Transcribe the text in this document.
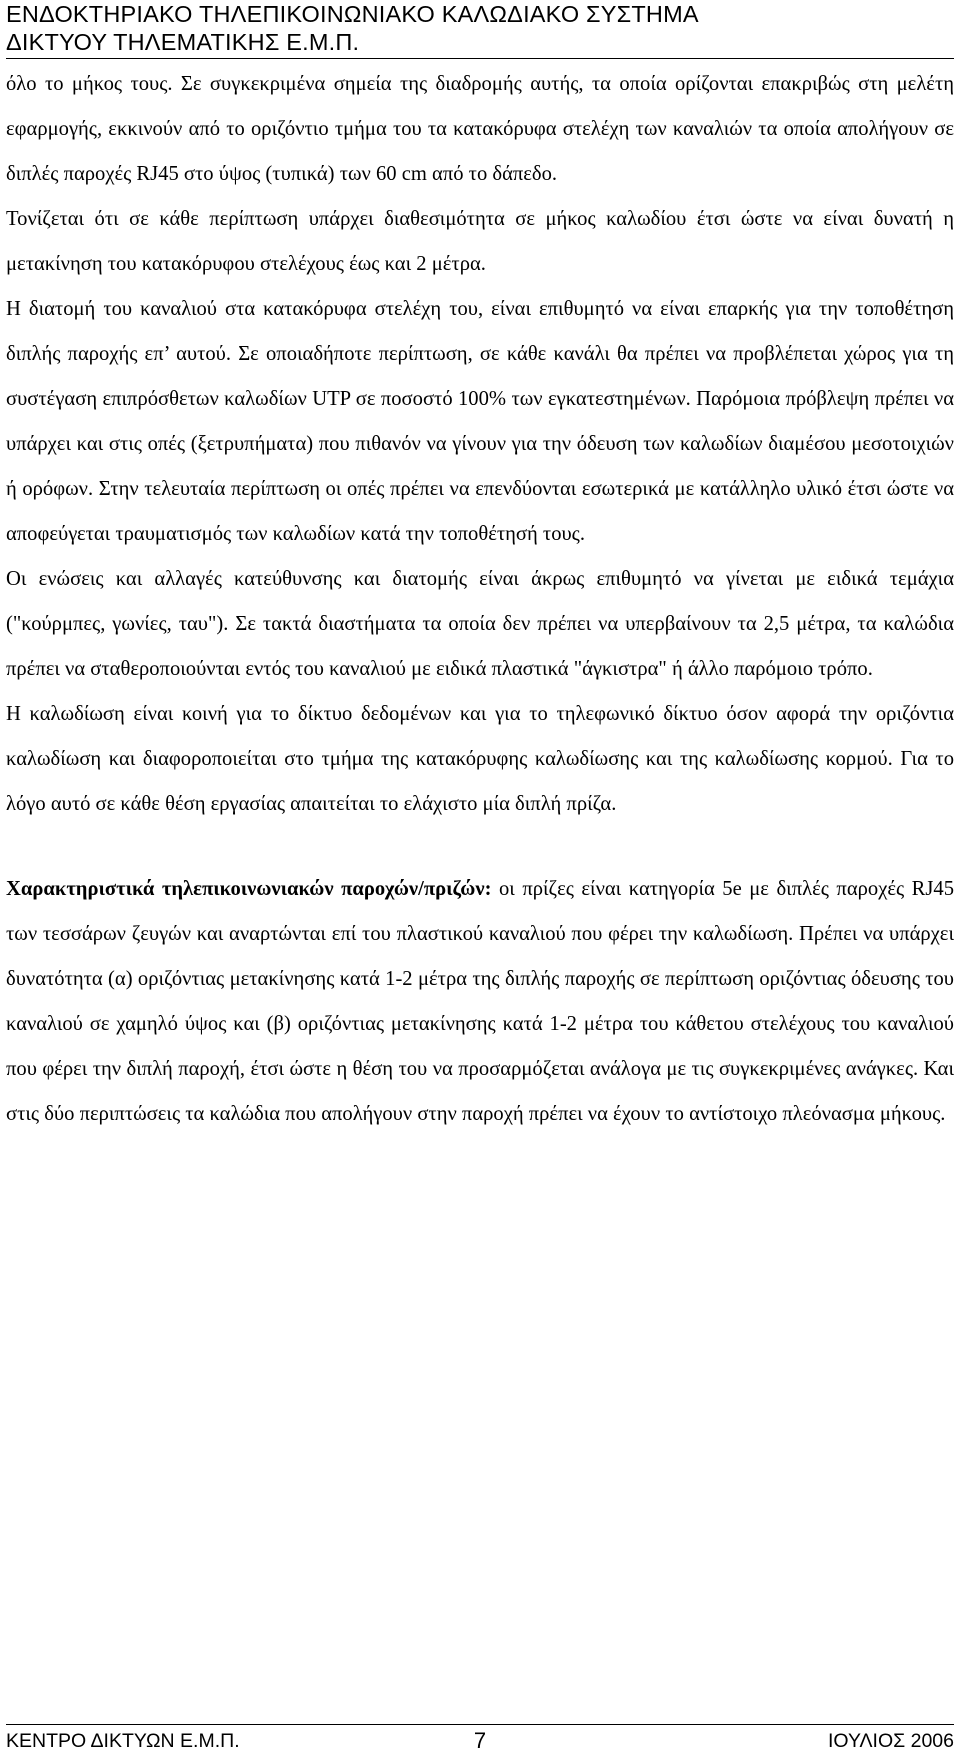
ΕΝΔΟΚΤΗΡΙΑΚΟ ΤΗΛΕΠΙΚΟΙΝΩΝΙΑΚΟ ΚΑΛΩΔΙΑΚΟ ΣΥΣΤΗΜΑ
ΔΙΚΤΥΟΥ ΤΗΛΕΜΑΤΙΚΗΣ Ε.Μ.Π.

όλο το μήκος τους. Σε συγκεκριμένα σημεία της διαδρομής αυτής, τα οποία ορίζονται επακριβώς στη μελέτη εφαρμογής, εκκινούν από το οριζόντιο τμήμα του τα κατακόρυφα στελέχη των καναλιών τα οποία απολήγουν σε διπλές παροχές RJ45 στο ύψος (τυπικά) των 60 cm από το δάπεδο.

Τονίζεται ότι σε κάθε περίπτωση υπάρχει διαθεσιμότητα σε μήκος καλωδίου έτσι ώστε να είναι δυνατή η μετακίνηση του κατακόρυφου στελέχους έως και 2 μέτρα.

Η διατομή του καναλιού στα κατακόρυφα στελέχη του, είναι επιθυμητό να είναι επαρκής για την τοποθέτηση διπλής παροχής επ’ αυτού. Σε οποιαδήποτε περίπτωση, σε κάθε κανάλι θα πρέπει να προβλέπεται χώρος για τη συστέγαση επιπρόσθετων καλωδίων UTP σε ποσοστό 100% των εγκατεστημένων. Παρόμοια πρόβλεψη πρέπει να υπάρχει και στις οπές (ξετρυπήματα) που πιθανόν να γίνουν για την όδευση των καλωδίων διαμέσου μεσοτοιχιών ή ορόφων. Στην τελευταία περίπτωση οι οπές πρέπει να επενδύονται εσωτερικά με κατάλληλο υλικό έτσι ώστε να αποφεύγεται τραυματισμός των καλωδίων κατά την τοποθέτησή τους.

Οι ενώσεις και αλλαγές κατεύθυνσης και διατομής είναι άκρως επιθυμητό να γίνεται με ειδικά τεμάχια ("κούρμπες, γωνίες, ταυ"). Σε τακτά διαστήματα τα οποία δεν πρέπει να υπερβαίνουν τα 2,5 μέτρα, τα καλώδια πρέπει να σταθεροποιούνται εντός του καναλιού με ειδικά πλαστικά "άγκιστρα" ή άλλο παρόμοιο τρόπο.

Η καλωδίωση είναι κοινή για το δίκτυο δεδομένων και για το τηλεφωνικό δίκτυο όσον αφορά την οριζόντια καλωδίωση και διαφοροποιείται στο τμήμα της κατακόρυφης καλωδίωσης και της καλωδίωσης κορμού. Για το λόγο αυτό σε κάθε θέση εργασίας απαιτείται το ελάχιστο μία διπλή πρίζα.

Χαρακτηριστικά τηλεπικοινωνιακών παροχών/πριζών: οι πρίζες είναι κατηγορία 5e με διπλές παροχές RJ45 των τεσσάρων ζευγών και αναρτώνται επί του πλαστικού καναλιού που φέρει την καλωδίωση. Πρέπει να υπάρχει δυνατότητα (α) οριζόντιας μετακίνησης κατά 1-2 μέτρα της διπλής παροχής σε περίπτωση οριζόντιας όδευσης του καναλιού σε χαμηλό ύψος και (β) οριζόντιας μετακίνησης κατά 1-2 μέτρα του κάθετου στελέχους του καναλιού που φέρει την διπλή παροχή, έτσι ώστε η θέση του να προσαρμόζεται ανάλογα με τις συγκεκριμένες ανάγκες. Και στις δύο περιπτώσεις τα καλώδια που απολήγουν στην παροχή πρέπει να έχουν το αντίστοιχο πλεόνασμα μήκους.

ΚΕΝΤΡΟ ΔΙΚΤΥΩΝ Ε.Μ.Π.	7	ΙΟΥΛΙΟΣ 2006
